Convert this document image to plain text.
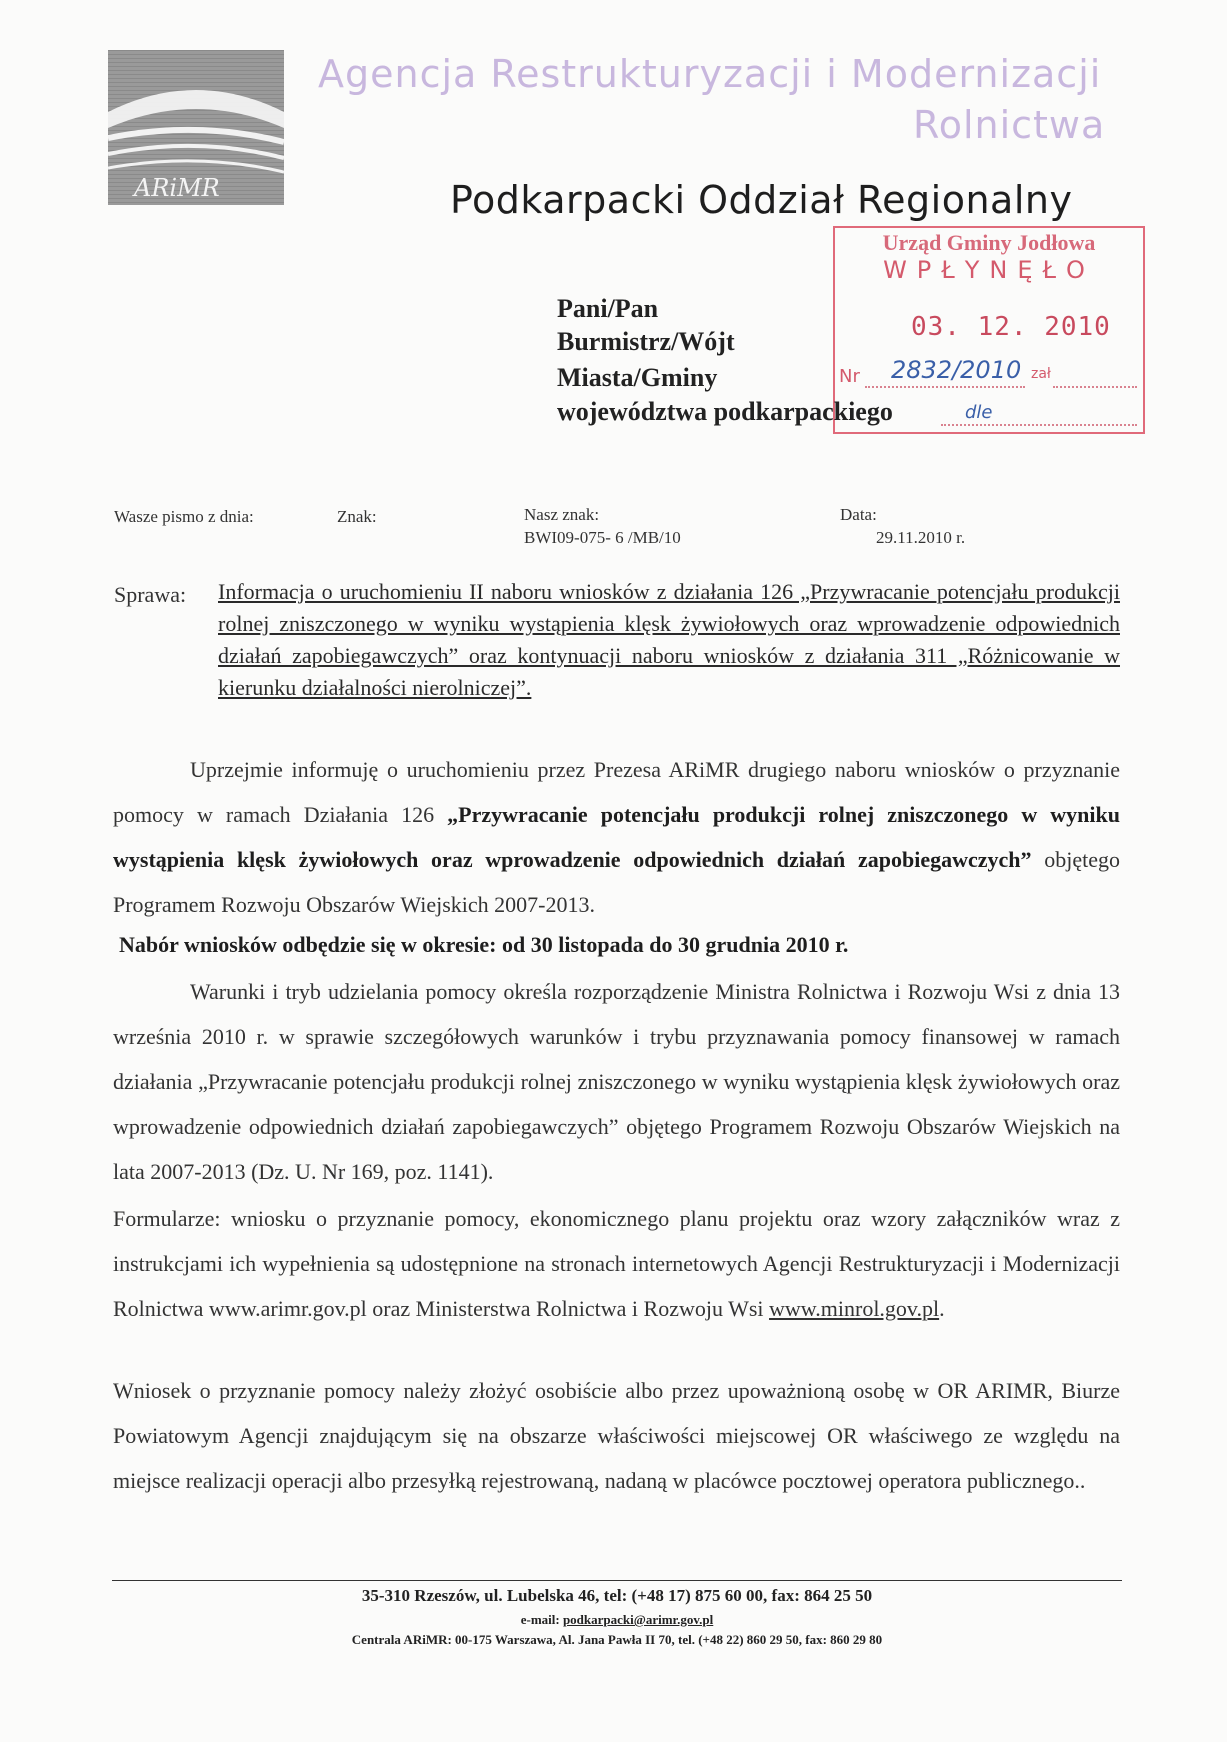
ARiMR
Agencja Restrukturyzacji i Modernizacji
Rolnictwa
Podkarpacki Oddział Regionalny
Urząd Gminy Jodłowa
WPŁYNĘŁO
03. 12. 2010
Nr 2832/2010 zał
dle
Pani/Pan
Burmistrz/Wójt
Miasta/Gminy
województwa podkarpackiego
Wasze pismo z dnia:	Znak:	Nasz znak:
BWI09-075- 6 /MB/10
Data:
29.11.2010 r.
Sprawa: Informacja o uruchomieniu II naboru wniosków z działania 126 „Przywracanie potencjału produkcji rolnej zniszczonego w wyniku wystąpienia klęsk żywiołowych oraz wprowadzenie odpowiednich działań zapobiegawczych” oraz kontynuacji naboru wniosków z działania 311 „Różnicowanie w kierunku działalności nierolniczej”.
Uprzejmie informuję o uruchomieniu przez Prezesa ARiMR drugiego naboru wniosków o przyznanie pomocy w ramach Działania 126 „Przywracanie potencjału produkcji rolnej zniszczonego w wyniku wystąpienia klęsk żywiołowych oraz wprowadzenie odpowiednich działań zapobiegawczych” objętego Programem Rozwoju Obszarów Wiejskich 2007-2013.
Nabór wniosków odbędzie się w okresie: od 30 listopada do 30 grudnia 2010 r.
Warunki i tryb udzielania pomocy określa rozporządzenie Ministra Rolnictwa i Rozwoju Wsi z dnia 13 września 2010 r. w sprawie szczegółowych warunków i trybu przyznawania pomocy finansowej w ramach działania „Przywracanie potencjału produkcji rolnej zniszczonego w wyniku wystąpienia klęsk żywiołowych oraz wprowadzenie odpowiednich działań zapobiegawczych” objętego Programem Rozwoju Obszarów Wiejskich na lata 2007-2013 (Dz. U. Nr 169, poz. 1141).
Formularze: wniosku o przyznanie pomocy, ekonomicznego planu projektu oraz wzory załączników wraz z instrukcjami ich wypełnienia są udostępnione na stronach internetowych Agencji Restrukturyzacji i Modernizacji Rolnictwa www.arimr.gov.pl oraz Ministerstwa Rolnictwa i Rozwoju Wsi www.minrol.gov.pl.
Wniosek o przyznanie pomocy należy złożyć osobiście albo przez upoważnioną osobę w OR ARIMR, Biurze Powiatowym Agencji znajdującym się na obszarze właściwości miejscowej OR właściwego ze względu na miejsce realizacji operacji albo przesyłką rejestrowaną, nadaną w placówce pocztowej operatora publicznego..
35-310 Rzeszów, ul. Lubelska 46, tel: (+48 17) 875 60 00, fax: 864 25 50
e-mail: podkarpacki@arimr.gov.pl
Centrala ARiMR: 00-175 Warszawa, Al. Jana Pawła II 70, tel. (+48 22) 860 29 50, fax: 860 29 80
